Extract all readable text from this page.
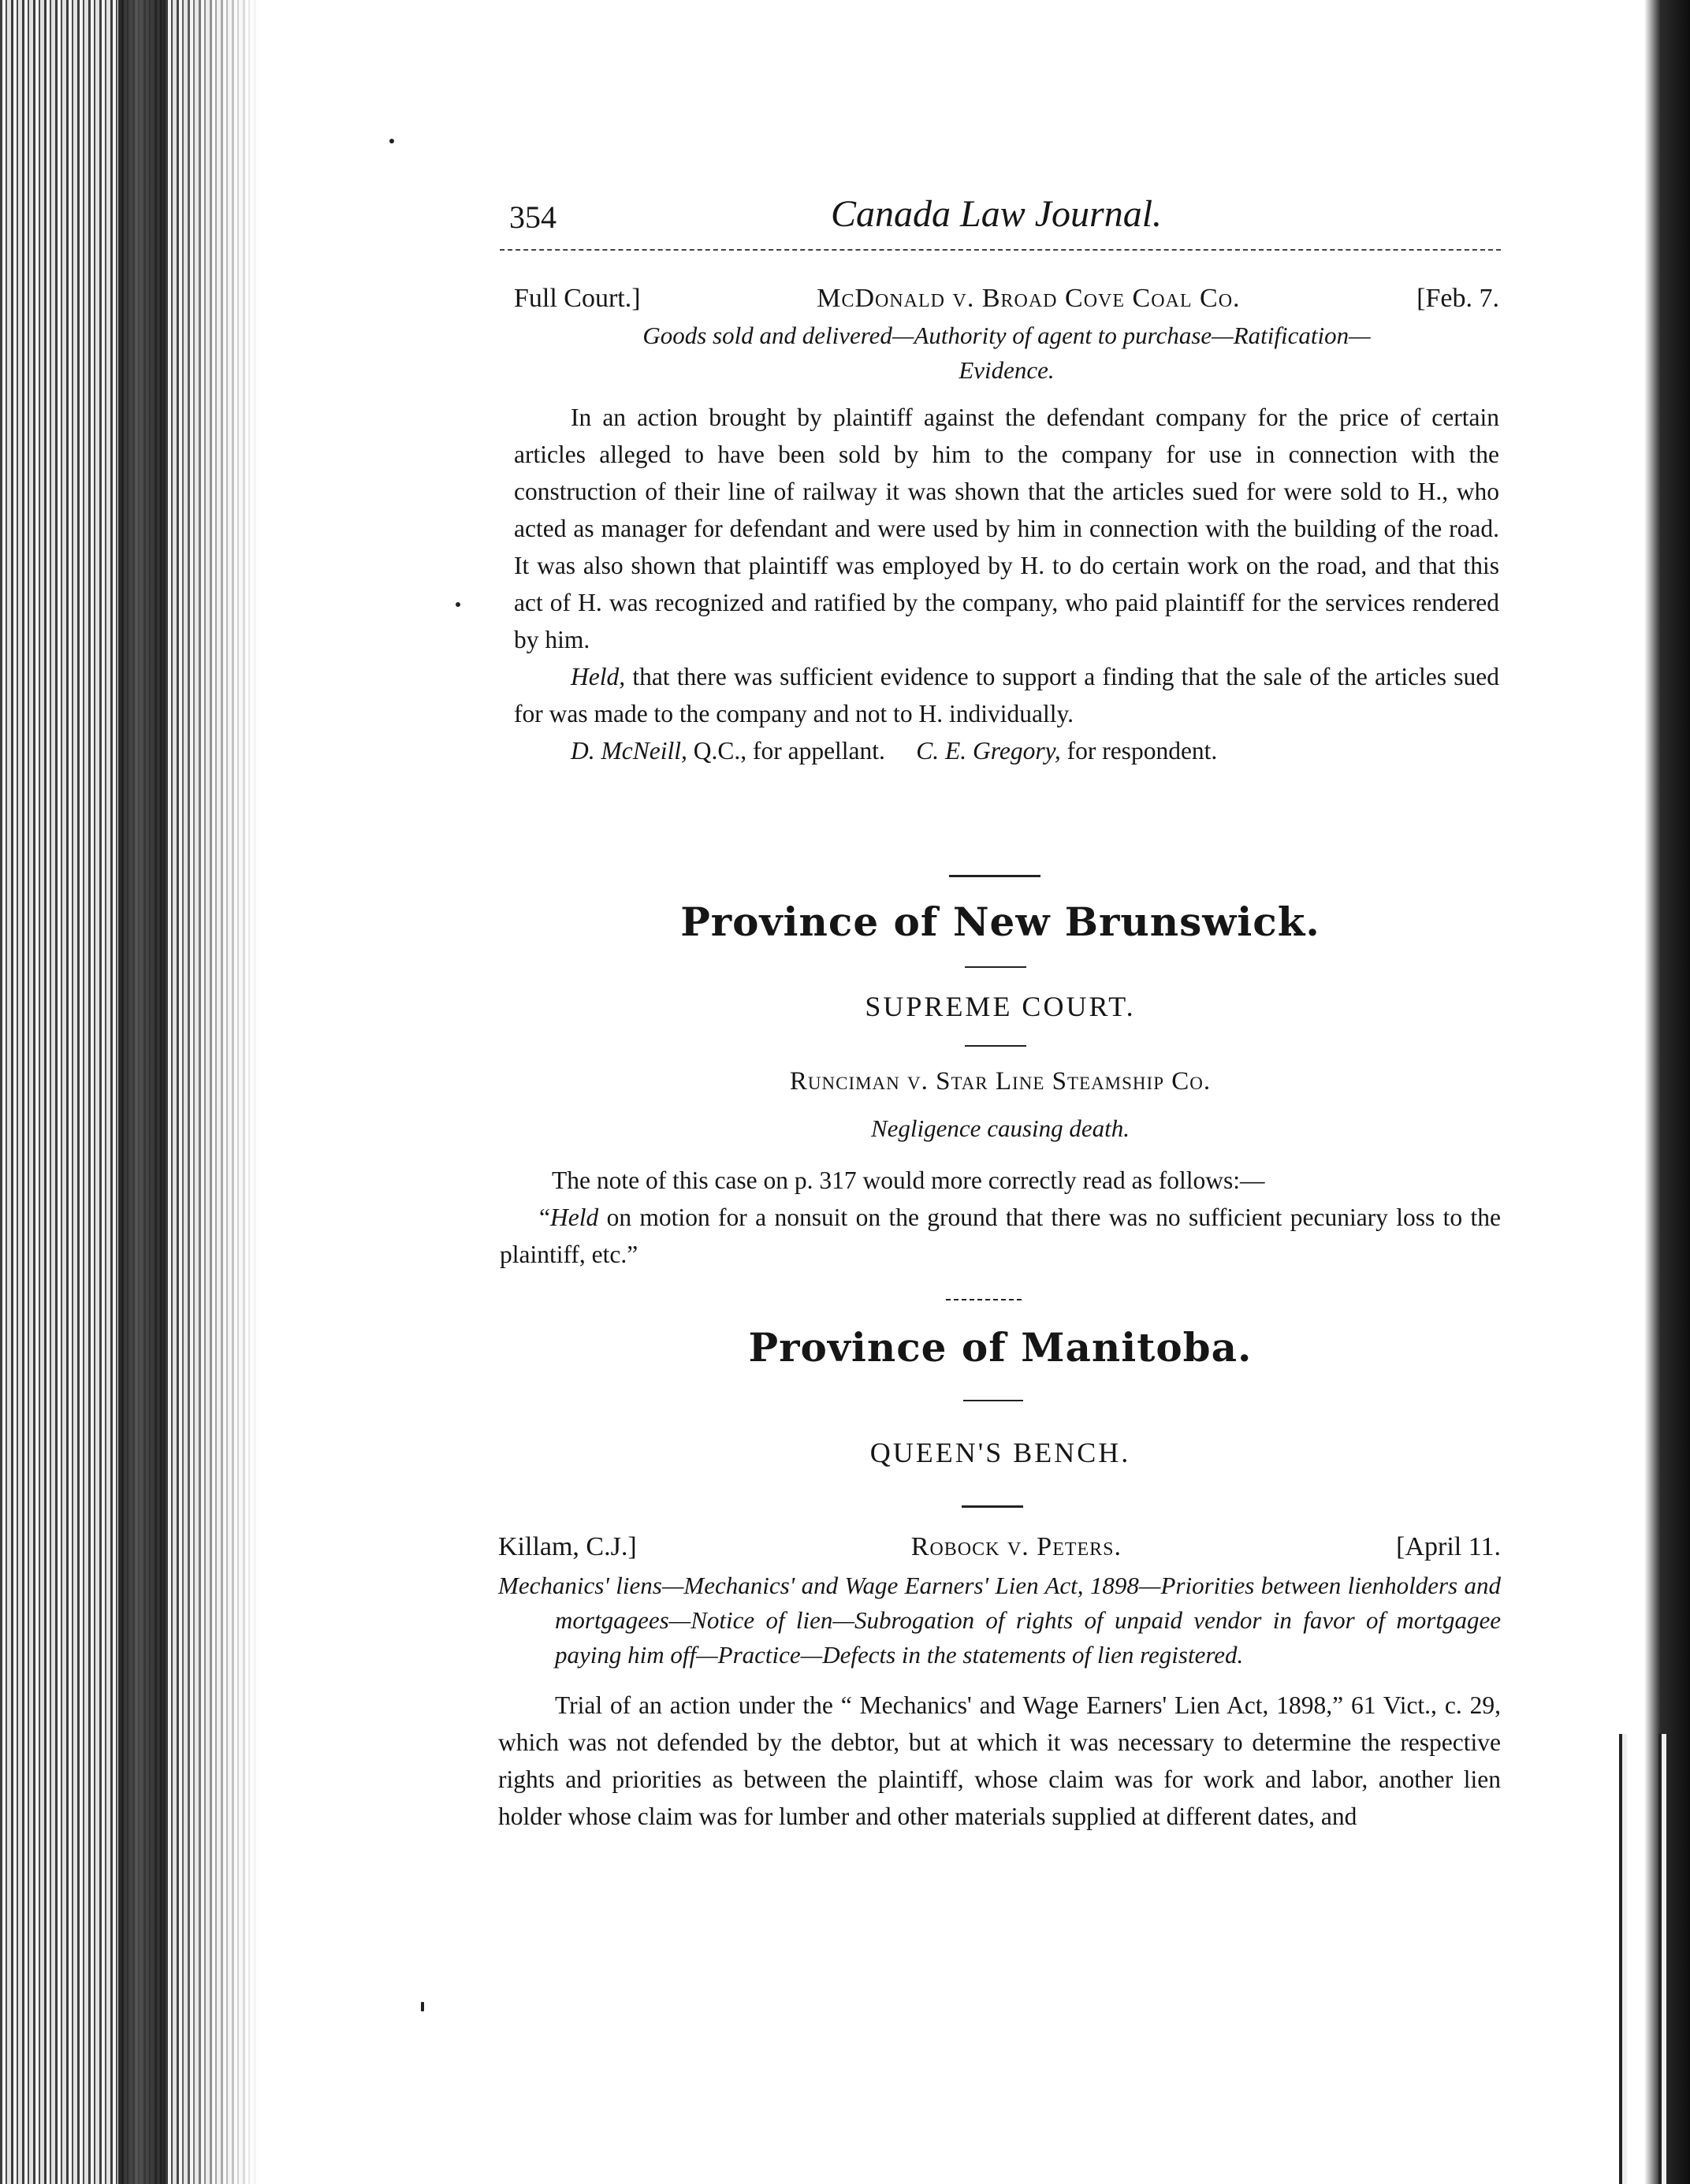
354	Canada Law Journal.
Full Court.]	McDonald v. Broad Cove Coal Co.	[Feb. 7.
Goods sold and delivered—Authority of agent to purchase—Ratification—
Evidence.

In an action brought by plaintiff against the defendant company for the price of certain articles alleged to have been sold by him to the company for use in connection with the construction of their line of railway it was shown that the articles sued for were sold to H., who acted as manager for defendant and were used by him in connection with the building of the road. It was also shown that plaintiff was employed by H. to do certain work on the road, and that this act of H. was recognized and ratified by the company, who paid plaintiff for the services rendered by him.

Held, that there was sufficient evidence to support a finding that the sale of the articles sued for was made to the company and not to H. individually.

D. McNeill, Q.C., for appellant. C. E. Gregory, for respondent.
Province of New Brunswick.
SUPREME COURT.
Runciman v. Star Line Steamship Co.
Negligence causing death.

The note of this case on p. 317 would more correctly read as follows:—

“Held on motion for a nonsuit on the ground that there was no sufficient pecuniary loss to the plaintiff, etc.”

Province of Manitoba.
QUEEN'S BENCH.
Killam, C.J.]	Robock v. Peters.	[April 11.
Mechanics' liens—Mechanics' and Wage Earners' Lien Act, 1898—Priorities between lienholders and mortgagees—Notice of lien—Subrogation of rights of unpaid vendor in favor of mortgagee paying him off—Practice—Defects in the statements of lien registered.

Trial of an action under the “ Mechanics' and Wage Earners' Lien Act, 1898,” 61 Vict., c. 29, which was not defended by the debtor, but at which it was necessary to determine the respective rights and priorities as between the plaintiff, whose claim was for work and labor, another lien holder whose claim was for lumber and other materials supplied at different dates, and
